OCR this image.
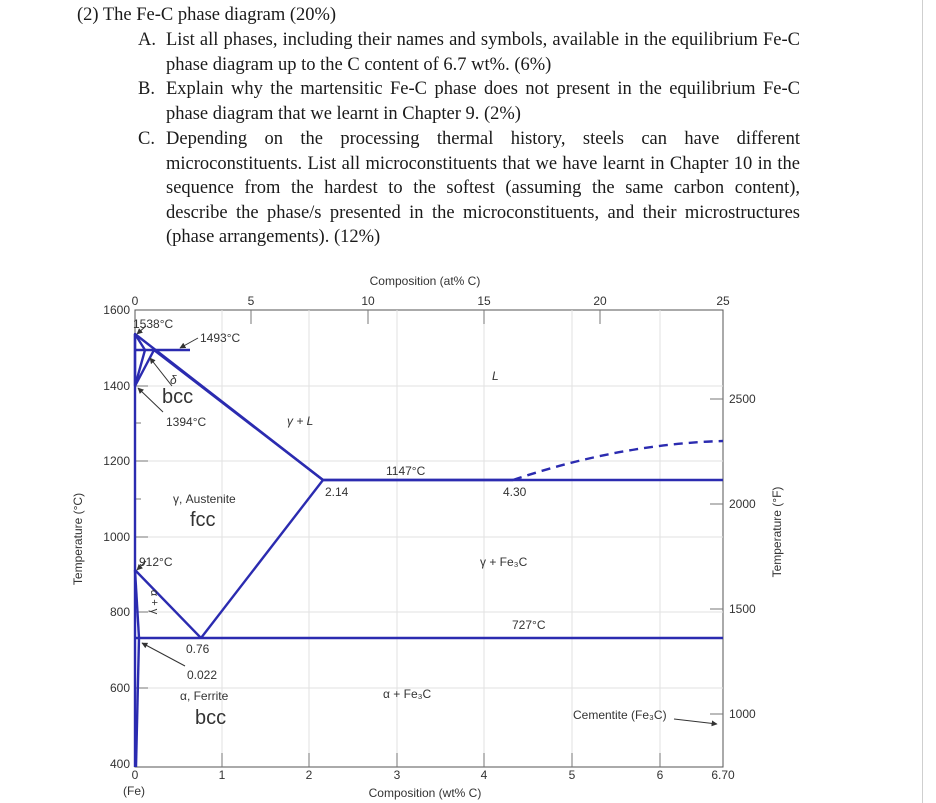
(2) The Fe-C phase diagram (20%)
A. List all phases, including their names and symbols, available in the equilibrium Fe-C phase diagram up to the C content of 6.7 wt%. (6%)
B. Explain why the martensitic Fe-C phase does not present in the equilibrium Fe-C phase diagram that we learnt in Chapter 9. (2%)
C. Depending on the processing thermal history, steels can have different microconstituents. List all microconstituents that we have learnt in Chapter 10 in the sequence from the hardest to the softest (assuming the same carbon content), describe the phase/s presented in the microconstituents, and their microstructures (phase arrangements). (12%)
Composition (at% C)
Composition (wt% C)
Temperature (°C)	Temperature (°F)
0	5	10	15	20	25
0	1	2	3	4	5	6	6.70
(Fe)
1600
1400
1200
1000
800
600
400
2500
2000
1500
1000
1538°C
1493°C
δ
bcc
1394°C	γ + L
L
1147°C
2.14	4.30
γ, Austenite
fcc
912°C	γ + Fe₃C
α + γ
727°C
0.76
0.022
α, Ferrite
bcc
α + Fe₃C
Cementite (Fe₃C)
